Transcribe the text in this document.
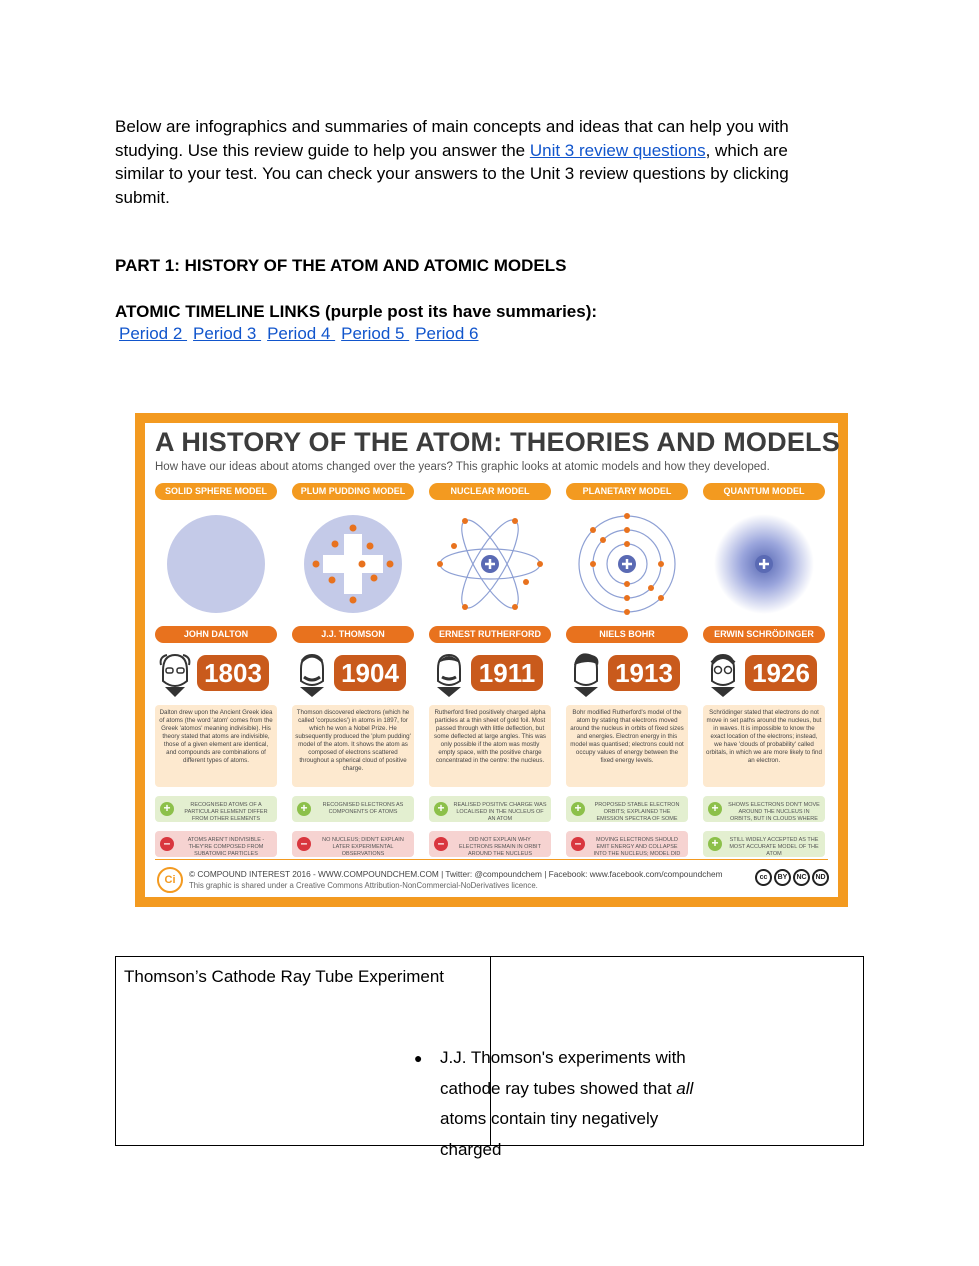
Below are infographics and summaries of main concepts and ideas that can help you with studying. Use this review guide to help you answer the Unit 3 review questions, which are similar to your test. You can check your answers to the Unit 3 review questions by clicking submit.
PART 1: HISTORY OF THE ATOM AND ATOMIC MODELS
ATOMIC TIMELINE LINKS (purple post its have summaries):
Period 2 Period 3 Period 4 Period 5 Period 6
A HISTORY OF THE ATOM: THEORIES AND MODELS
How have our ideas about atoms changed over the years? This graphic looks at atomic models and how they developed.
SOLID SPHERE MODEL
JOHN DALTON
1803
Dalton drew upon the Ancient Greek idea of atoms (the word 'atom' comes from the Greek 'atomos' meaning indivisible). His theory stated that atoms are indivisible, those of a given element are identical, and compounds are combinations of different types of atoms.
+	RECOGNISED ATOMS OF A PARTICULAR ELEMENT DIFFER FROM OTHER ELEMENTS
–	ATOMS AREN'T INDIVISIBLE - THEY'RE COMPOSED FROM SUBATOMIC PARTICLES
PLUM PUDDING MODEL
J.J. THOMSON
1904
Thomson discovered electrons (which he called 'corpuscles') in atoms in 1897, for which he won a Nobel Prize. He subsequently produced the 'plum pudding' model of the atom. It shows the atom as composed of electrons scattered throughout a spherical cloud of positive charge.
+	RECOGNISED ELECTRONS AS COMPONENTS OF ATOMS
–	NO NUCLEUS; DIDN'T EXPLAIN LATER EXPERIMENTAL OBSERVATIONS
NUCLEAR MODEL
ERNEST RUTHERFORD
1911
Rutherford fired positively charged alpha particles at a thin sheet of gold foil. Most passed through with little deflection, but some deflected at large angles. This was only possible if the atom was mostly empty space, with the positive charge concentrated in the centre: the nucleus.
+	REALISED POSITIVE CHARGE WAS LOCALISED IN THE NUCLEUS OF AN ATOM
–	DID NOT EXPLAIN WHY ELECTRONS REMAIN IN ORBIT AROUND THE NUCLEUS
PLANETARY MODEL
NIELS BOHR
1913
Bohr modified Rutherford's model of the atom by stating that electrons moved around the nucleus in orbits of fixed sizes and energies. Electron energy in this model was quantised; electrons could not occupy values of energy between the fixed energy levels.
+	PROPOSED STABLE ELECTRON ORBITS; EXPLAINED THE EMISSION SPECTRA OF SOME
–	MOVING ELECTRONS SHOULD EMIT ENERGY AND COLLAPSE INTO THE NUCLEUS; MODEL DID
QUANTUM MODEL
ERWIN SCHRÖDINGER
1926
Schrödinger stated that electrons do not move in set paths around the nucleus, but in waves. It is impossible to know the exact location of the electrons; instead, we have 'clouds of probability' called orbitals, in which we are more likely to find an electron.
+	SHOWS ELECTRONS DON'T MOVE AROUND THE NUCLEUS IN ORBITS, BUT IN CLOUDS WHERE
+	STILL WIDELY ACCEPTED AS THE MOST ACCURATE MODEL OF THE ATOM
Ci	© COMPOUND INTEREST 2016 - WWW.COMPOUNDCHEM.COM | Twitter: @compoundchem | Facebook: www.facebook.com/compoundchem
This graphic is shared under a Creative Commons Attribution-NonCommercial-NoDerivatives licence.
cc	BY	NC	ND
Thomson’s Cathode Ray Tube Experiment
● J.J. Thomson's experiments with cathode ray tubes showed that all atoms contain tiny negatively charged
